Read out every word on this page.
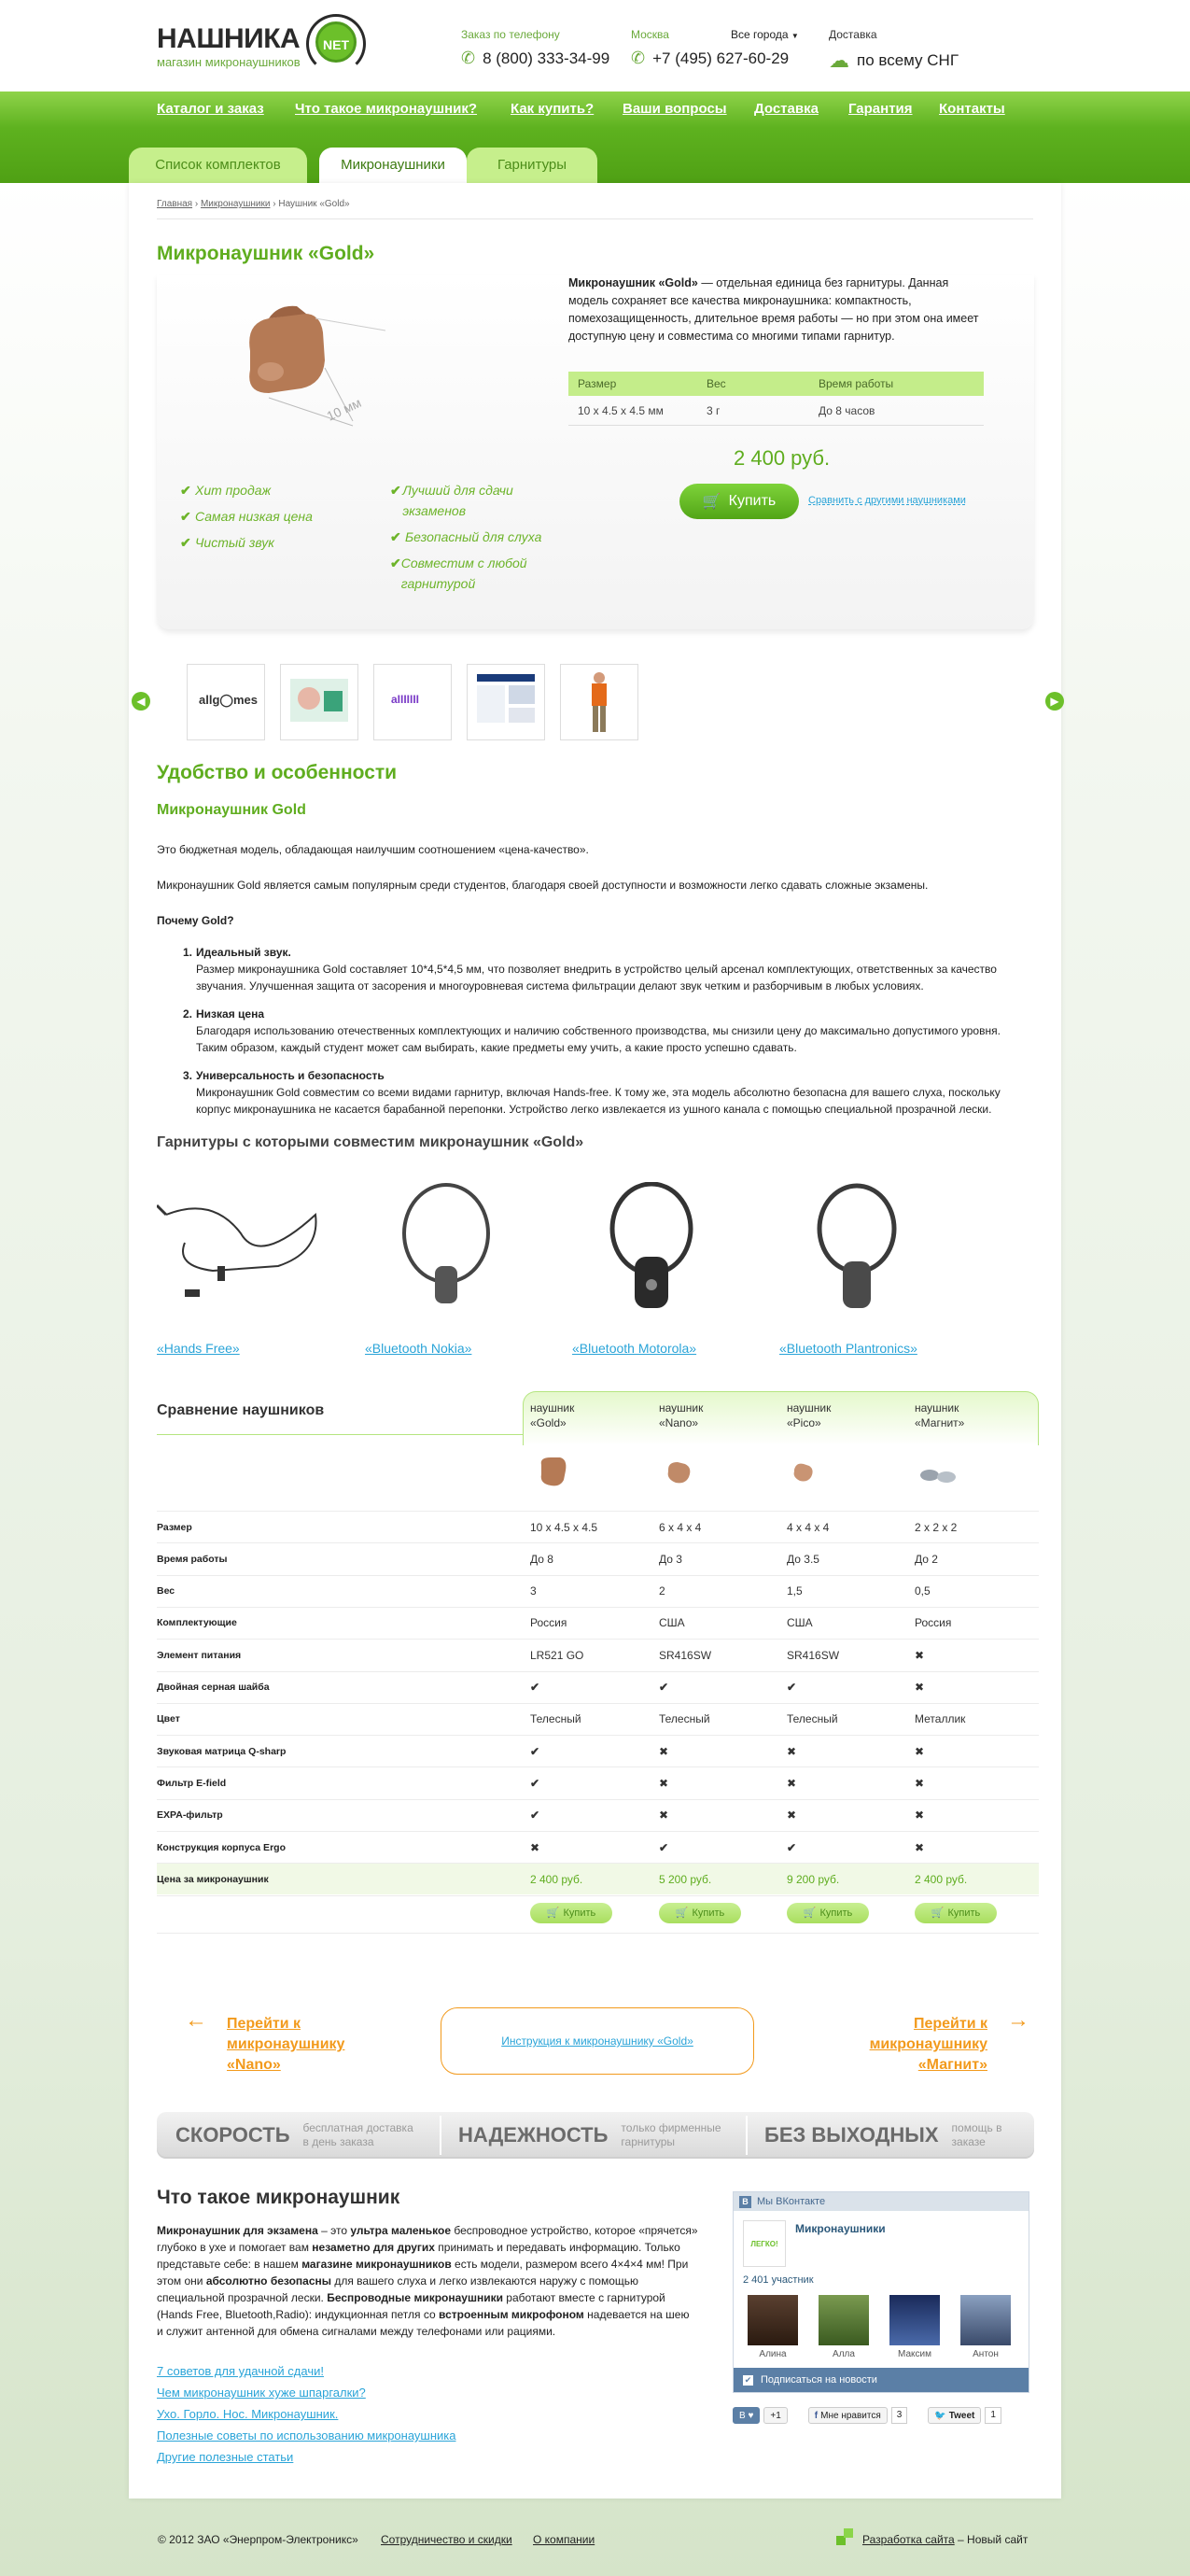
НАШНИКА	NET
магазин микронаушников
Заказ по телефону
✆ 8 (800) 333-34-99
Москва
✆ +7 (495) 627-60-29
Все города ▼	Доставка
☁ по всему СНГ
Каталог и заказ Что такое микронаушник? Как купить? Ваши вопросы Доставка Гарантия Контакты
Список комплектов	Микронаушники	Гарнитуры
Главная › Микронаушники › Наушник «Gold»
Микронаушник «Gold»
10 мм
Микронаушник «Gold» — отдельная единица без гарнитуры. Данная модель сохраняет все качества микронаушника: компактность, помехозащищенность, длительное время работы — но при этом она имеет доступную цену и совместима со многими типами гарнитур.
Размер	Вес	Время работы
10 x 4.5 x 4.5 мм	3 г	До 8 часов
2 400 руб.
🛒 Купить	Сравнить с другими наушниками
✔ Хит продаж
✔ Самая низкая цена
✔ Чистый звук
✔ Лучший для сдачи экзаменов
✔ Безопасный для слуха
✔ Совместим с любой гарнитурой
◀	allg◯mes	aIIIIIII	▶
Удобство и особенности
Микронаушник Gold
Это бюджетная модель, обладающая наилучшим соотношением «цена-качество».
Микронаушник Gold является самым популярным среди студентов, благодаря своей доступности и возможности легко сдавать сложные экзамены.
Почему Gold?
1. Идеальный звук.
Размер микронаушника Gold составляет 10*4,5*4,5 мм, что позволяет внедрить в устройство целый арсенал комплектующих, ответственных за качество звучания. Улучшенная защита от засорения и многоуровневая система фильтрации делают звук четким и разборчивым в любых условиях.
2. Низкая цена
Благодаря использованию отечественных комплектующих и наличию собственного производства, мы снизили цену до максимально допустимого уровня. Таким образом, каждый студент может сам выбирать, какие предметы ему учить, а какие просто успешно сдавать.
3. Универсальность и безопасность
Микронаушник Gold совместим со всеми видами гарнитур, включая Hands-free. К тому же, эта модель абсолютно безопасна для вашего слуха, поскольку корпус микронаушника не касается барабанной перепонки. Устройство легко извлекается из ушного канала с помощью специальной прозрачной лески.
Гарнитуры с которыми совместим микронаушник «Gold»
«Hands Free»	«Bluetooth Nokia»	«Bluetooth Motorola»	«Bluetooth Plantronics»
Сравнение наушников	наушник
«Gold»
наушник
«Nano»
наушник
«Pico»
наушник
«Магнит»
Размер	10 x 4.5 x 4.5	6 x 4 x 4	4 x 4 x 4	2 x 2 x 2
Время работы	До 8	До 3	До 3.5	До 2
Вес	3	2	1,5	0,5
Комплектующие	Россия	США	США	Россия
Элемент питания	LR521 GO	SR416SW	SR416SW	✖
Двойная серная шайба	✔	✔	✔	✖
Цвет	Телесный	Телесный	Телесный	Металлик
Звуковая матрица Q-sharp	✔	✖	✖	✖
Фильтр E-field	✔	✖	✖	✖
EXPA-фильтр	✔	✖	✖	✖
Конструкция корпуса Ergo	✖	✔	✔	✖
Цена за микронаушник	2 400 руб.	5 200 руб.	9 200 руб.	2 400 руб.
🛒 Купить	🛒 Купить	🛒 Купить	🛒 Купить
← Перейти к
микронаушнику
«Nano»
Инструкция к микронаушнику «Gold»
→
Перейти к
микронаушнику
«Магнит»
СКОРОСТЬ бесплатная доставка
в день заказа	НАДЕЖНОСТЬ только фирменные
гарнитуры	БЕЗ ВЫХОДНЫХ помощь в
заказе
Что такое микронаушник
Микронаушник для экзамена – это ультра маленькое беспроводное устройство, которое «прячется» глубоко в ухе и помогает вам незаметно для других принимать и передавать информацию. Только представьте себе: в нашем магазине микронаушников есть модели, размером всего 4×4×4 мм! При этом они абсолютно безопасны для вашего слуха и легко извлекаются наружу с помощью специальной прозрачной лески. Беспроводные микронаушники работают вместе с гарнитурой (Hands Free, Bluetooth,Radio): индукционная петля со встроенным микрофоном надевается на шею и служит антенной для обмена сигналами между телефонами или рациями.
7 советов для удачной сдачи!
Чем микронаушник хуже шпаргалки?
Ухо. Горло. Нос. Микронаушник.
Полезные советы по использованию микронаушника
Другие полезные статьи
В Мы ВКонтакте
ЛЕГКО!
Микронаушники
2 401 участник
Алина	Алла	Максим	Антон
✔ Подписаться на новости
В ♥	+1	f Мне нравится	3	🐦 Tweet	1
© 2012 ЗАО «Энерпром-Электроникс» Сотрудничество и скидки О компании	Разработка сайта – Новый сайт
